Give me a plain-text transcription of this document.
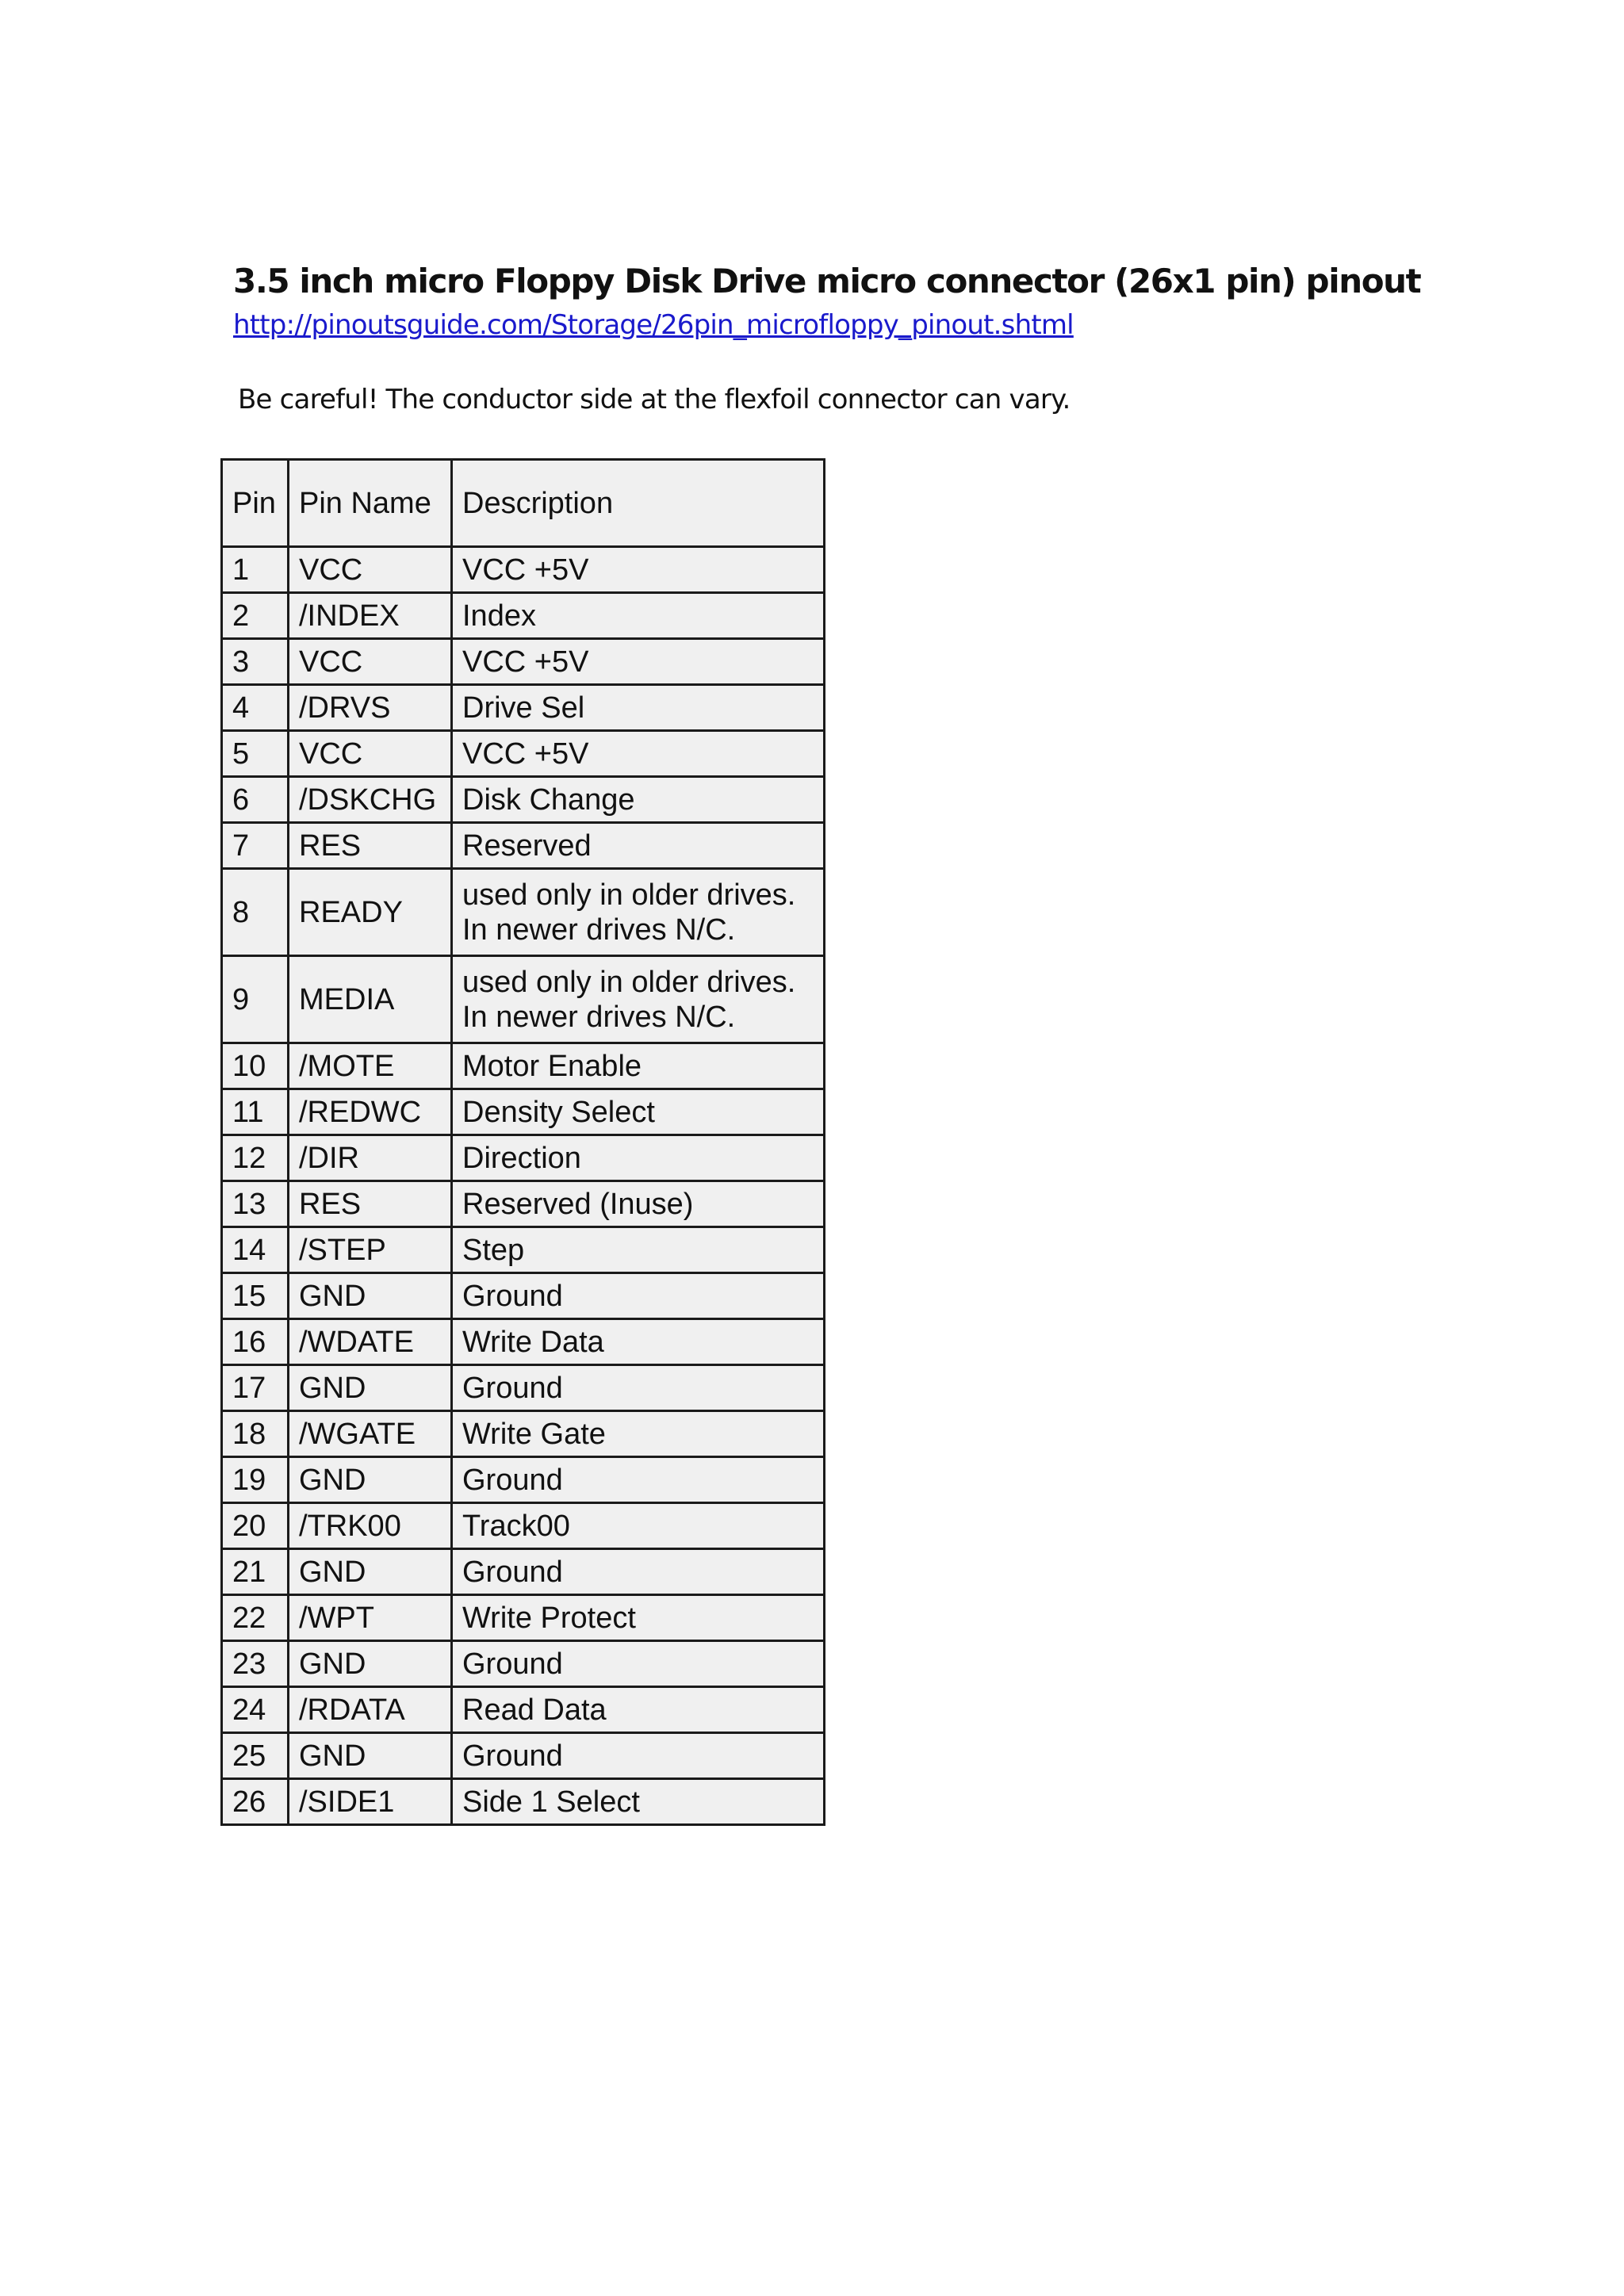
3.5 inch micro Floppy Disk Drive micro connector (26x1 pin) pinout
http://pinoutsguide.com/Storage/26pin_microfloppy_pinout.shtml
Be careful! The conductor side at the flexfoil connector can vary.
Pin	Pin Name	Description
1	VCC	VCC +5V
2	/INDEX	Index
3	VCC	VCC +5V
4	/DRVS	Drive Sel
5	VCC	VCC +5V
6	/DSKCHG	Disk Change
7	RES	Reserved
8	READY	used only in older drives. In newer drives N/C.
9	MEDIA	used only in older drives. In newer drives N/C.
10	/MOTE	Motor Enable
11	/REDWC	Density Select
12	/DIR	Direction
13	RES	Reserved (Inuse)
14	/STEP	Step
15	GND	Ground
16	/WDATE	Write Data
17	GND	Ground
18	/WGATE	Write Gate
19	GND	Ground
20	/TRK00	Track00
21	GND	Ground
22	/WPT	Write Protect
23	GND	Ground
24	/RDATA	Read Data
25	GND	Ground
26	/SIDE1	Side 1 Select
